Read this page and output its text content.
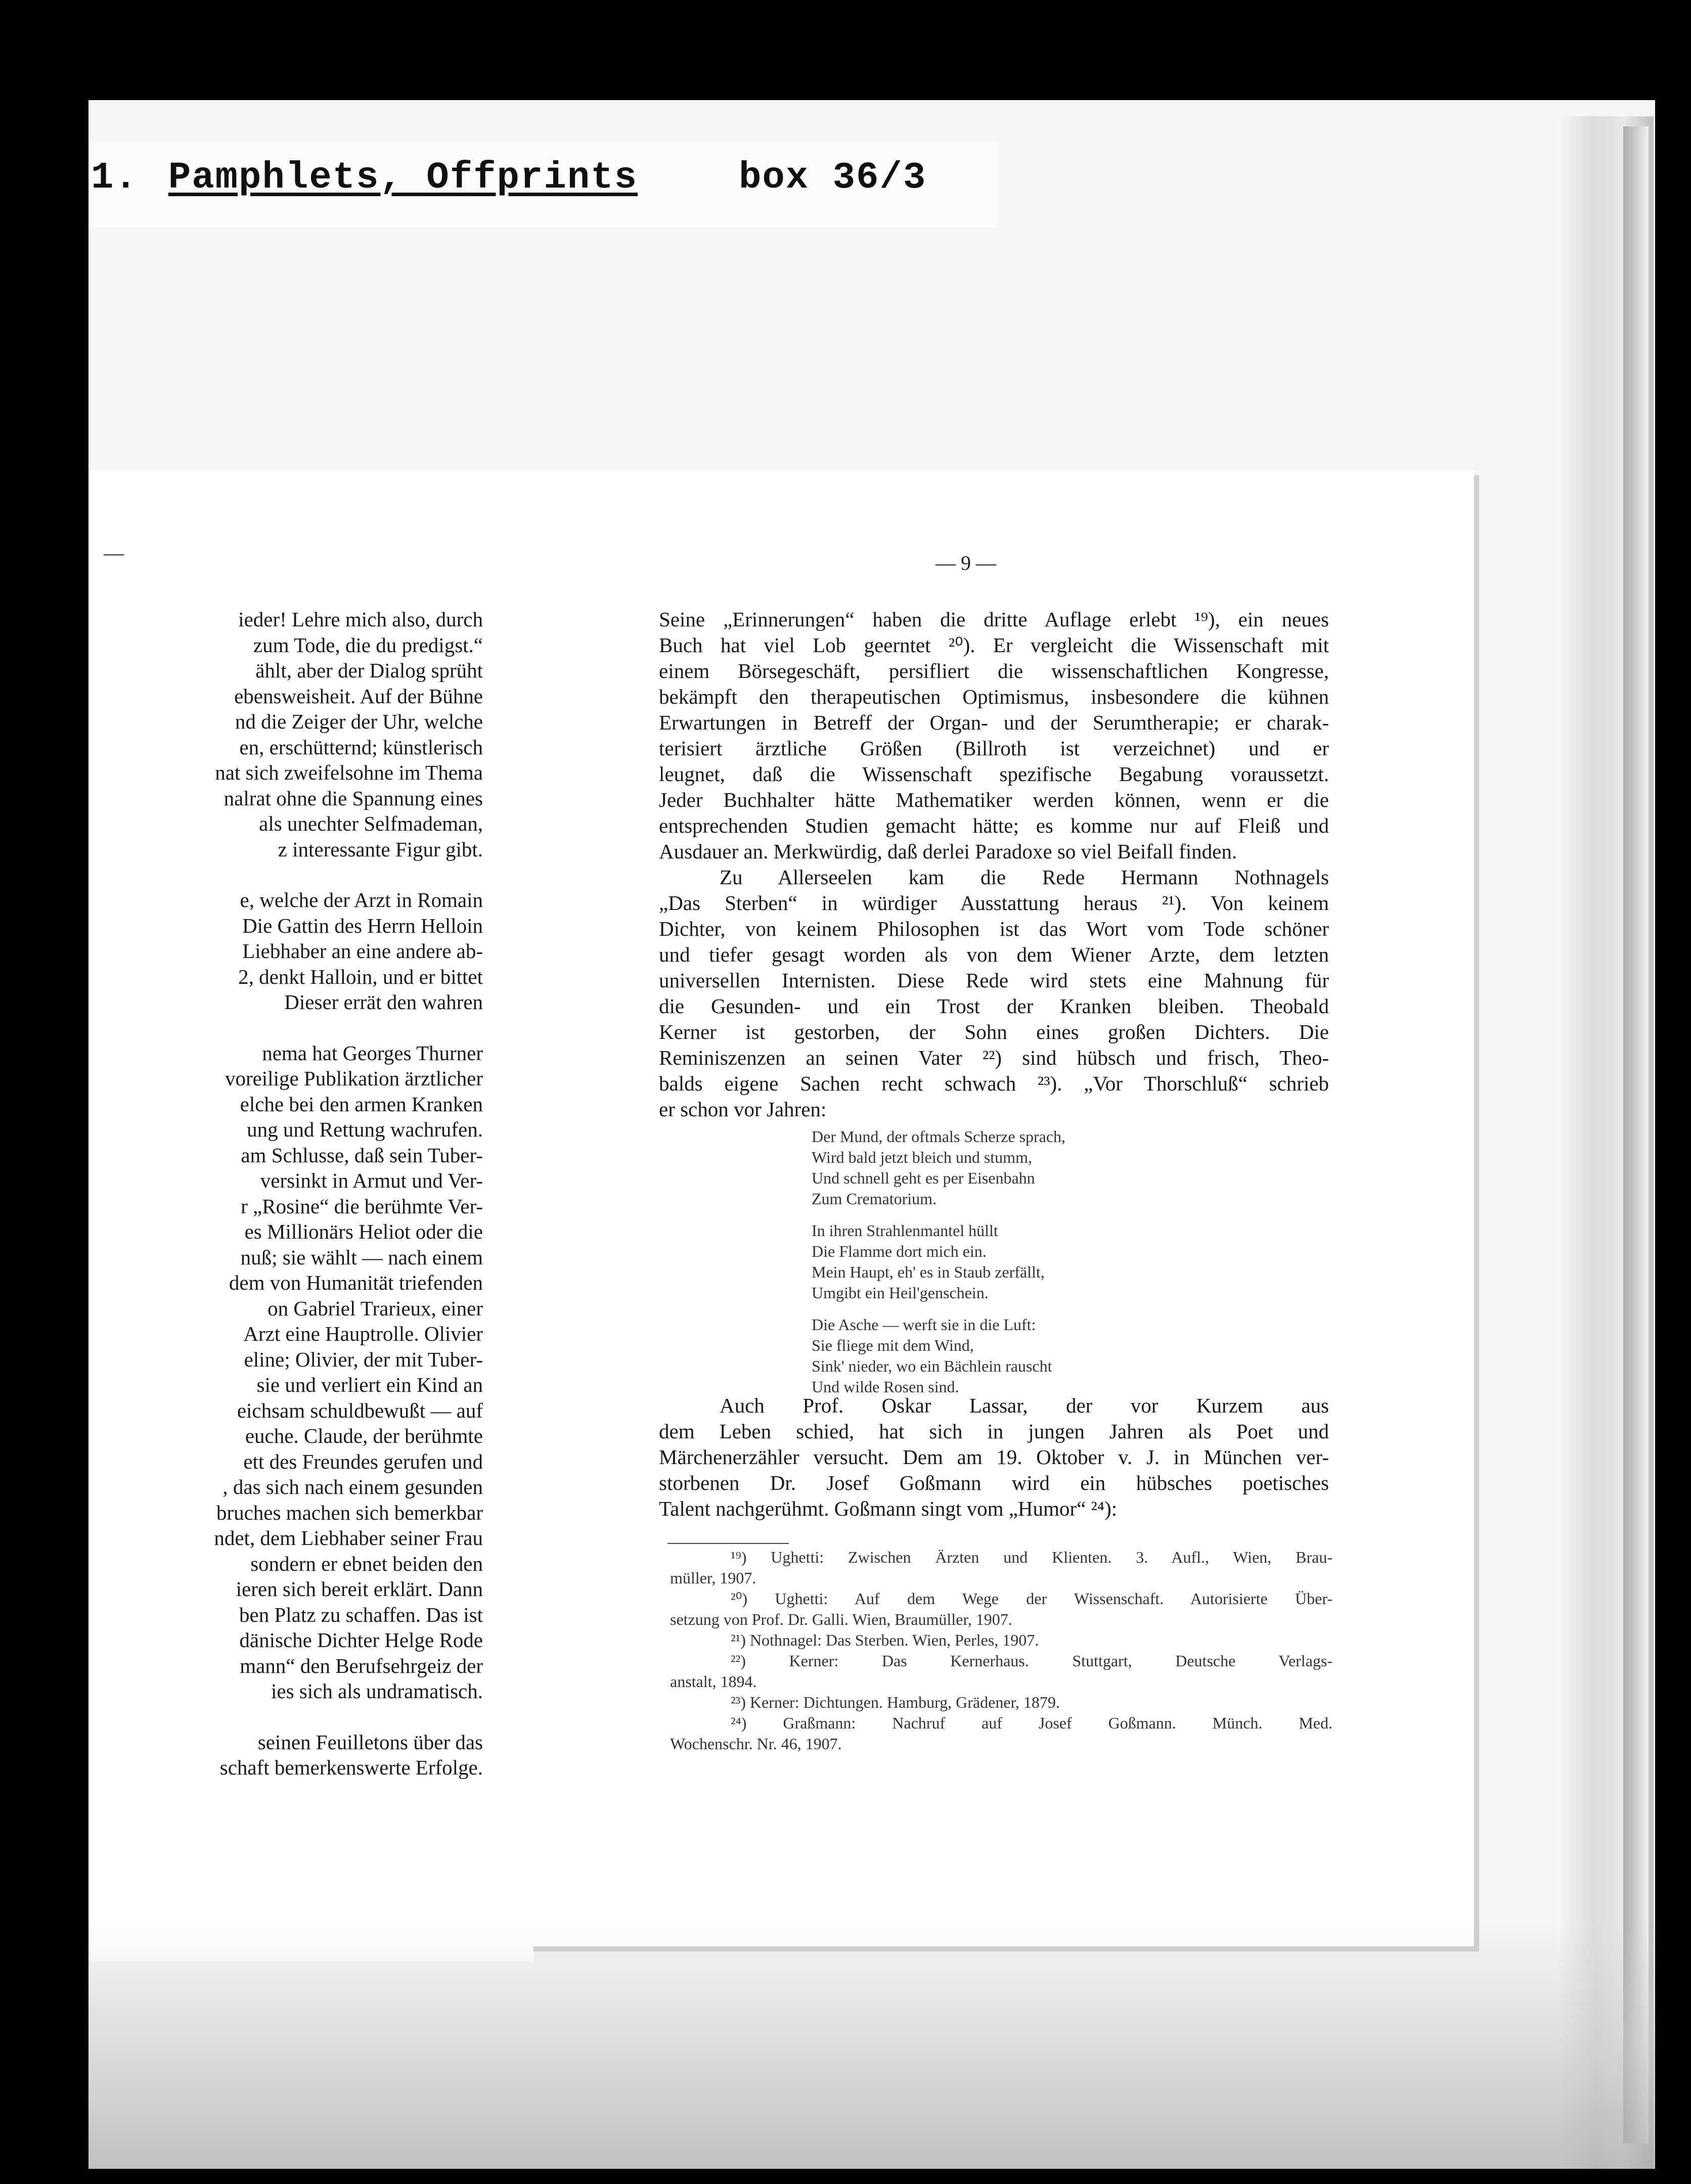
1. Pamphlets, Offprints	box 36/3
—
ieder! Lehre mich also, durch
zum Tode, die du predigst.“
ählt, aber der Dialog sprüht
ebensweisheit. Auf der Bühne
nd die Zeiger der Uhr, welche
en, erschütternd; künstlerisch
nat sich zweifelsohne im Thema
nalrat ohne die Spannung eines
als unechter Selfmademan,
z interessante Figur gibt.
e, welche der Arzt in Romain
Die Gattin des Herrn Helloin
Liebhaber an eine andere ab-
2, denkt Halloin, und er bittet
Dieser errät den wahren
nema hat Georges Thurner
voreilige Publikation ärztlicher
elche bei den armen Kranken
ung und Rettung wachrufen.
am Schlusse, daß sein Tuber-
versinkt in Armut und Ver-
r „Rosine“ die berühmte Ver-
es Millionärs Heliot oder die
nuß; sie wählt — nach einem
dem von Humanität triefenden
on Gabriel Trarieux, einer
Arzt eine Hauptrolle. Olivier
eline; Olivier, der mit Tuber-
sie und verliert ein Kind an
eichsam schuldbewußt — auf
euche. Claude, der berühmte
ett des Freundes gerufen und
, das sich nach einem gesunden
bruches machen sich bemerkbar
ndet, dem Liebhaber seiner Frau
sondern er ebnet beiden den
ieren sich bereit erklärt. Dann
ben Platz zu schaffen. Das ist
dänische Dichter Helge Rode
mann“ den Berufsehrgeiz der
ies sich als undramatisch.
seinen Feuilletons über das
schaft bemerkenswerte Erfolge.
— 9 —

Seine „Erinnerungen“ haben die dritte Auflage erlebt ¹⁹), ein neues

Buch hat viel Lob geerntet ²⁰). Er vergleicht die Wissenschaft mit

einem Börsegeschäft, persifliert die wissenschaftlichen Kongresse,

bekämpft den therapeutischen Optimismus, insbesondere die kühnen

Erwartungen in Betreff der Organ- und der Serumtherapie; er charak-

terisiert ärztliche Größen (Billroth ist verzeichnet) und er

leugnet, daß die Wissenschaft spezifische Begabung voraussetzt.

Jeder Buchhalter hätte Mathematiker werden können, wenn er die

entsprechenden Studien gemacht hätte; es komme nur auf Fleiß und

Ausdauer an. Merkwürdig, daß derlei Paradoxe so viel Beifall finden.

Zu Allerseelen kam die Rede Hermann Nothnagels

„Das Sterben“ in würdiger Ausstattung heraus ²¹). Von keinem

Dichter, von keinem Philosophen ist das Wort vom Tode schöner

und tiefer gesagt worden als von dem Wiener Arzte, dem letzten

universellen Internisten. Diese Rede wird stets eine Mahnung für

die Gesunden- und ein Trost der Kranken bleiben. Theobald

Kerner ist gestorben, der Sohn eines großen Dichters. Die

Reminiszenzen an seinen Vater ²²) sind hübsch und frisch, Theo-

balds eigene Sachen recht schwach ²³). „Vor Thorschluß“ schrieb

er schon vor Jahren:

Der Mund, der oftmals Scherze sprach,
Wird bald jetzt bleich und stumm,
Und schnell geht es per Eisenbahn
Zum Crematorium.
In ihren Strahlenmantel hüllt
Die Flamme dort mich ein.
Mein Haupt, eh' es in Staub zerfällt,
Umgibt ein Heil'genschein.
Die Asche — werft sie in die Luft:
Sie fliege mit dem Wind,
Sink' nieder, wo ein Bächlein rauscht
Und wilde Rosen sind.

Auch Prof. Oskar Lassar, der vor Kurzem aus

dem Leben schied, hat sich in jungen Jahren als Poet und

Märchenerzähler versucht. Dem am 19. Oktober v. J. in München ver-

storbenen Dr. Josef Goßmann wird ein hübsches poetisches

Talent nachgerühmt. Goßmann singt vom „Humor“ ²⁴):

¹⁹) Ughetti: Zwischen Ärzten und Klienten. 3. Aufl., Wien, Brau-

müller, 1907.

²⁰) Ughetti: Auf dem Wege der Wissenschaft. Autorisierte Über-

setzung von Prof. Dr. Galli. Wien, Braumüller, 1907.

²¹) Nothnagel: Das Sterben. Wien, Perles, 1907.

²²) Kerner: Das Kernerhaus. Stuttgart, Deutsche Verlags-

anstalt, 1894.

²³) Kerner: Dichtungen. Hamburg, Grädener, 1879.

²⁴) Graßmann: Nachruf auf Josef Goßmann. Münch. Med.

Wochenschr. Nr. 46, 1907.
